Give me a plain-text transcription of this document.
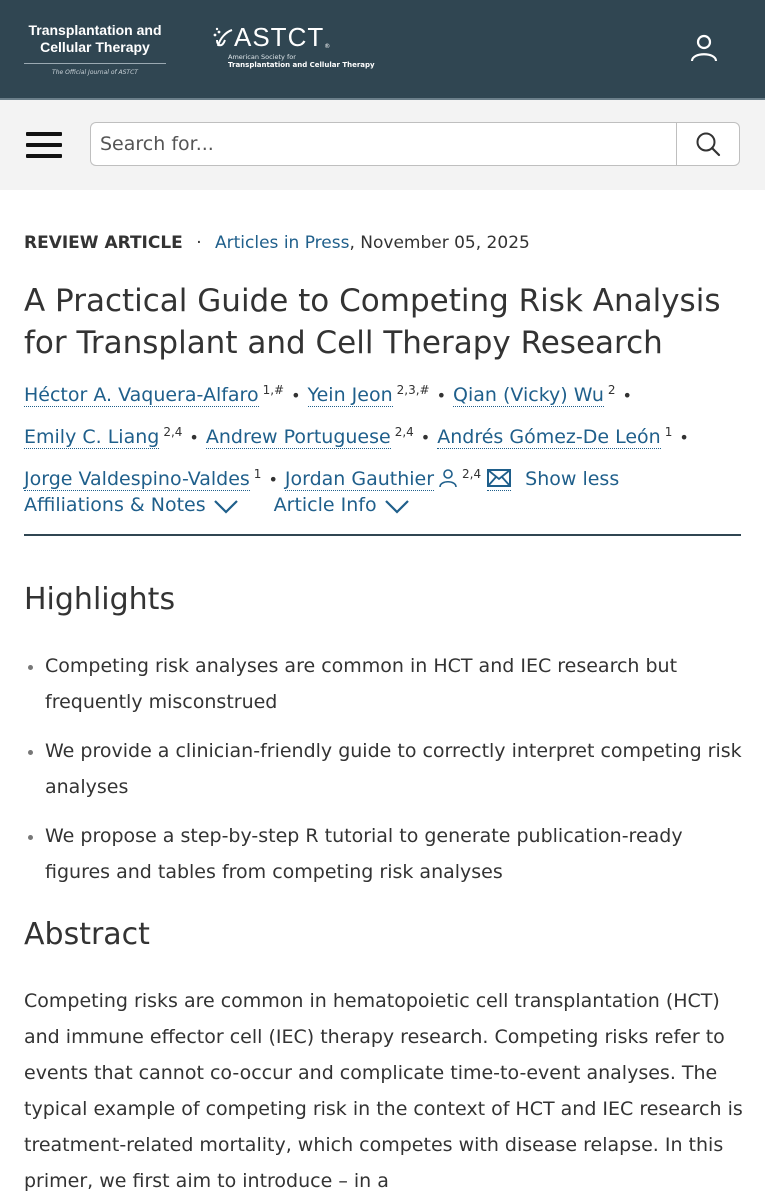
Transplantation and Cellular Therapy
The Official Journal of ASTCT
ASTCT ®
American Society for
Transplantation and Cellular Therapy
Search for...
REVIEW ARTICLE · Articles in Press, November 05, 2025
A Practical Guide to Competing Risk Analysis for Transplant and Cell Therapy Research
Héctor A. Vaquera-Alfaro $^{1,\#}$ • Yein Jeon $^{2,3,\#}$ • Qian (Vicky) Wu $^2$ •
Emily C. Liang $^{2,4}$ • Andrew Portuguese $^{2,4}$ • Andrés Gómez-De León $^1$ •
Jorge Valdespino-Valdes $^1$ • Jordan Gauthier $^{2,4}$ Show less
Affiliations & Notes	Article Info
Highlights
Competing risk analyses are common in HCT and IEC research but frequently misconstrued
We provide a clinician-friendly guide to correctly interpret competing risk analyses
We propose a step-by-step R tutorial to generate publication-ready figures and tables from competing risk analyses
Abstract

Competing risks are common in hematopoietic cell transplantation (HCT) and immune effector cell (IEC) therapy research. Competing risks refer to events that cannot co-occur and complicate time-to-event analyses. The typical example of competing risk in the context of HCT and IEC research is treatment-related mortality, which competes with disease relapse. In this primer, we first aim to introduce – in a
